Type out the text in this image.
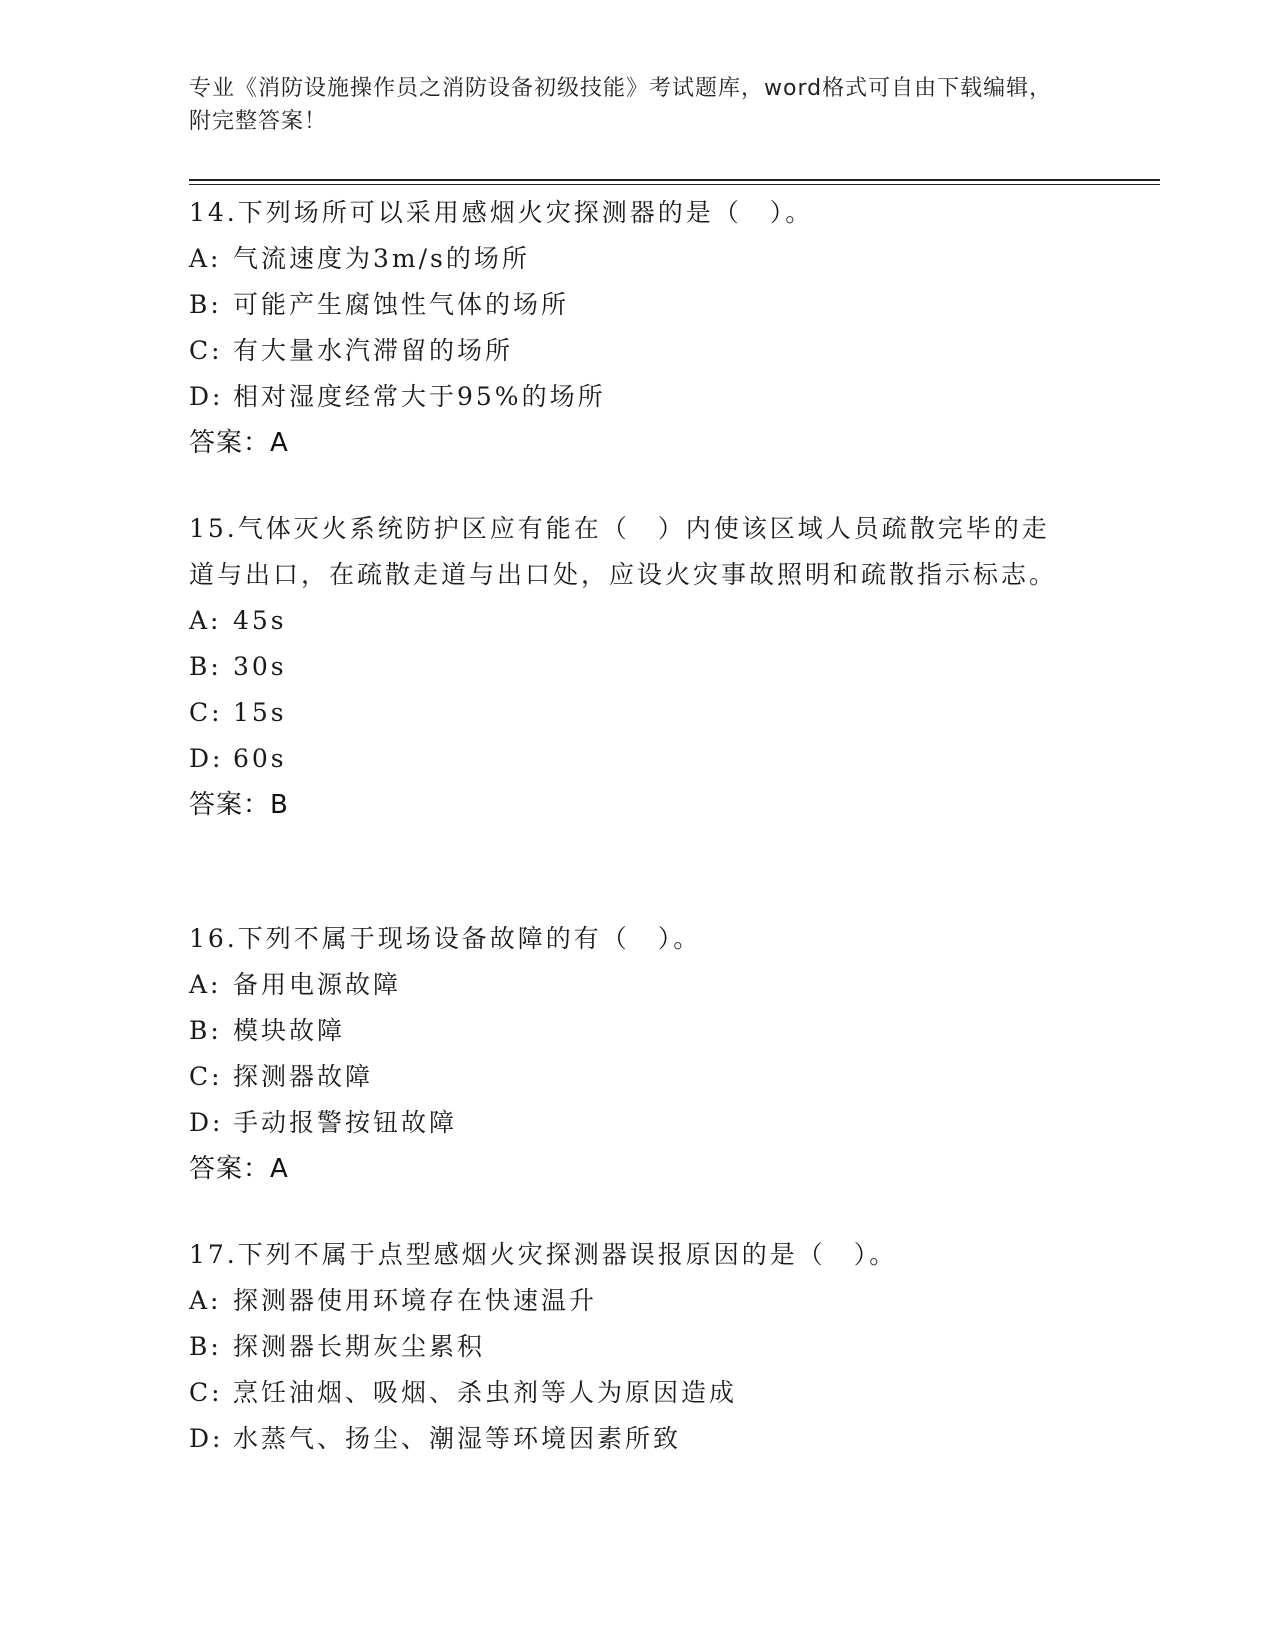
专业《消防设施操作员之消防设备初级技能》考试题库，word格式可自由下载编辑，附完整答案！

14.下列场所可以采用感烟火灾探测器的是（　）。

A: 气流速度为3m/s的场所

B: 可能产生腐蚀性气体的场所

C: 有大量水汽滞留的场所

D: 相对湿度经常大于95%的场所

答案：A

15.气体灭火系统防护区应有能在（　）内使该区域人员疏散完毕的走道与出口，在疏散走道与出口处，应设火灾事故照明和疏散指示标志。

A: 45s

B: 30s

C: 15s

D: 60s

答案：B

16.下列不属于现场设备故障的有（　）。

A: 备用电源故障

B: 模块故障

C: 探测器故障

D: 手动报警按钮故障

答案：A

17.下列不属于点型感烟火灾探测器误报原因的是（　）。

A: 探测器使用环境存在快速温升

B: 探测器长期灰尘累积

C: 烹饪油烟、吸烟、杀虫剂等人为原因造成

D: 水蒸气、扬尘、潮湿等环境因素所致
